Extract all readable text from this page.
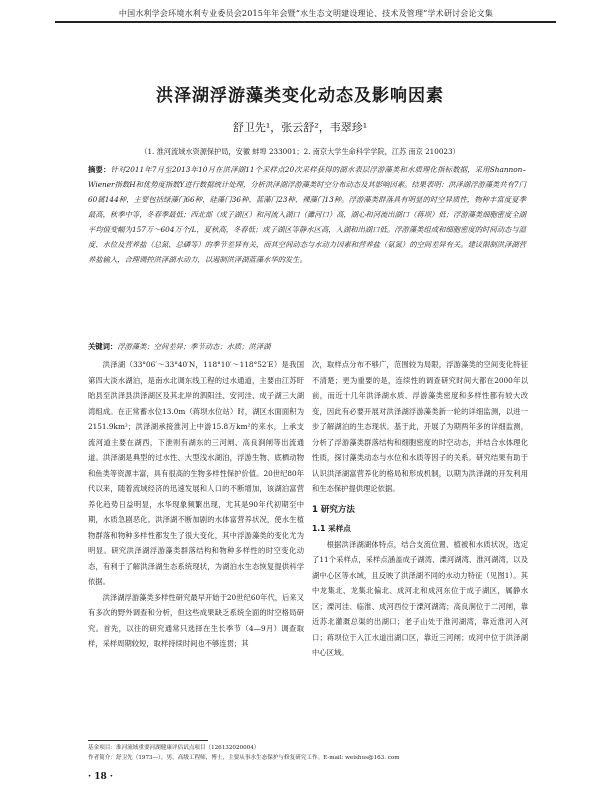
中国水利学会环境水利专业委员会2015年年会暨“水生态文明建设理论、技术及管理”学术研讨会论文集
洪泽湖浮游藻类变化动态及影响因素
舒卫先¹，张云舒²，韦翠珍¹
（1. 淮河流域水资源保护局，安徽 蚌埠 233001；2. 南京大学生命科学学院，江苏 南京 210023）
摘要：针对2011年7月至2013年10月在洪泽湖11个采样点20次采样获得的湖水表层浮游藻类和水质理化指标数据，采用Shannon–Wiener指数H和优势度指数Y进行数据统计处理，分析洪泽湖浮游藻类时空分布动态及其影响因素。结果表明：洪泽湖浮游藻类共有7门60属144种，主要包括绿藻门66种、硅藻门36种、蓝藻门23种、裸藻门13种。浮游藻类群落具有明显的时空异质性，物种丰富度夏季最高，秋季中等，冬春季最低；西北部（成子湖区）和河流入湖口（濉河口）高，湖心和河流出湖口（蒋坝）低；浮游藻类细胞密度全湖平均值变幅为157万～604万个/L，夏秋高，冬春低；成子湖区等静水区高，入湖和出湖口低。浮游藻类组成和细胞密度的时间动态与温度、水位及营养盐（总氮、总磷等）的季节差异有关，而其空间动态与水动力因素和营养盐（氨氮）的空间差异有关。建议限制洪泽湖营养盐输入，合理调控洪泽湖水动力，以遏制洪泽湖蓝藻水华的发生。
关键词：浮游藻类；空间差异；季节动态；水质；洪泽湖

洪泽湖（33°06′～33°40′N，118°10′～118°52′E）是我国第四大淡水湖泊，是南水北调东线工程的过水通道，主要由江苏盱眙县至洪泽县洪泽湖区及其北岸的泗阳洼、安河洼、成子湖三大湖湾组成。在正常蓄水位13.0m（蒋坝水位站）时，湖区水面面积为2151.9km²；洪泽湖承接淮河上中游15.8万km²的来水，上承支流河道主要在湖西，下泄则有湖东的三河闸、高良涧闸等出流通道。洪泽湖是典型的过水性、大型浅水湖泊，浮游生物、底栖动物和鱼类等资源丰富，具有很高的生物多样性保护价值。20世纪80年代以来，随着流域经济的迅速发展和人口的不断增加，该湖泊富营养化趋势日益明显，水华现象频繁出现，尤其是90年代初期至中期，水质急剧恶化。洪泽湖不断加剧的水体富营养状况，使水生植物群落和物种多样性都发生了很大变化，其中浮游藻类的变化尤为明显。研究洪泽湖浮游藻类群落结构和物种多样性的时空变化动态，有利于了解洪泽湖生态系统现状，为湖泊水生态恢复提供科学依据。

洪泽湖浮游藻类多样性研究最早开始于20世纪60年代，后来又有多次的野外调查和分析，但这些成果缺乏系统全面的时空格局研究。首先，以往的研究通常只选择在生长季节（4—9月）调查取样，采样周期较短，取样持续时间也不够连贯；其

次，取样点分布不够广，范围较为局限，浮游藻类的空间变化特征不清楚；更为重要的是，连续性的调查研究时间大都在2000年以前，而近十几年洪泽湖水质、浮游藻类密度和多样性都有较大改变，因此有必要开展对洪泽湖浮游藻类新一轮的详细监测，以进一步了解湖泊的生态现状。基于此，开展了为期两年多的详细监测，分析了浮游藻类群落结构和细胞密度的时空动态，并结合水体理化性质，探讨藻类动态与水位和水质等因子的关系。研究结果有助于认识洪泽湖富营养化的格局和形成机制，以期为洪泽湖的开发利用和生态保护提供理论依据。

1 研究方法
1.1 采样点

根据洪泽湖湖体特点，结合支流位置、植被和水质状况，选定了11个采样点，采样点涵盖成子湖湾、溧河湖湾、淮河湖湾，以及湖中心区等水域，且反映了洪泽湖不同的水动力特征（见图1）。其中龙集北、龙集北偏北、成河北和成河东位于成子湖区，属静水区；溧河洼、临淮、成河西位于溧河湖湾；高良涧位于二河闸，靠近苏北灌溉总渠的出湖口；老子山处于淮河湖湾，靠近淮河入河口；蒋坝位于入江水道出湖口区，靠近三河闸；成河中位于洪泽湖中心区域。

基金项目：淮河流域重要河湖健康评估试点项目（126132020004）
作者简介：舒卫先（1973—），男，高级工程师，博士，主要从事水生态保护与修复研究工作。E-mail: weishus@163. com
· 18 ·
